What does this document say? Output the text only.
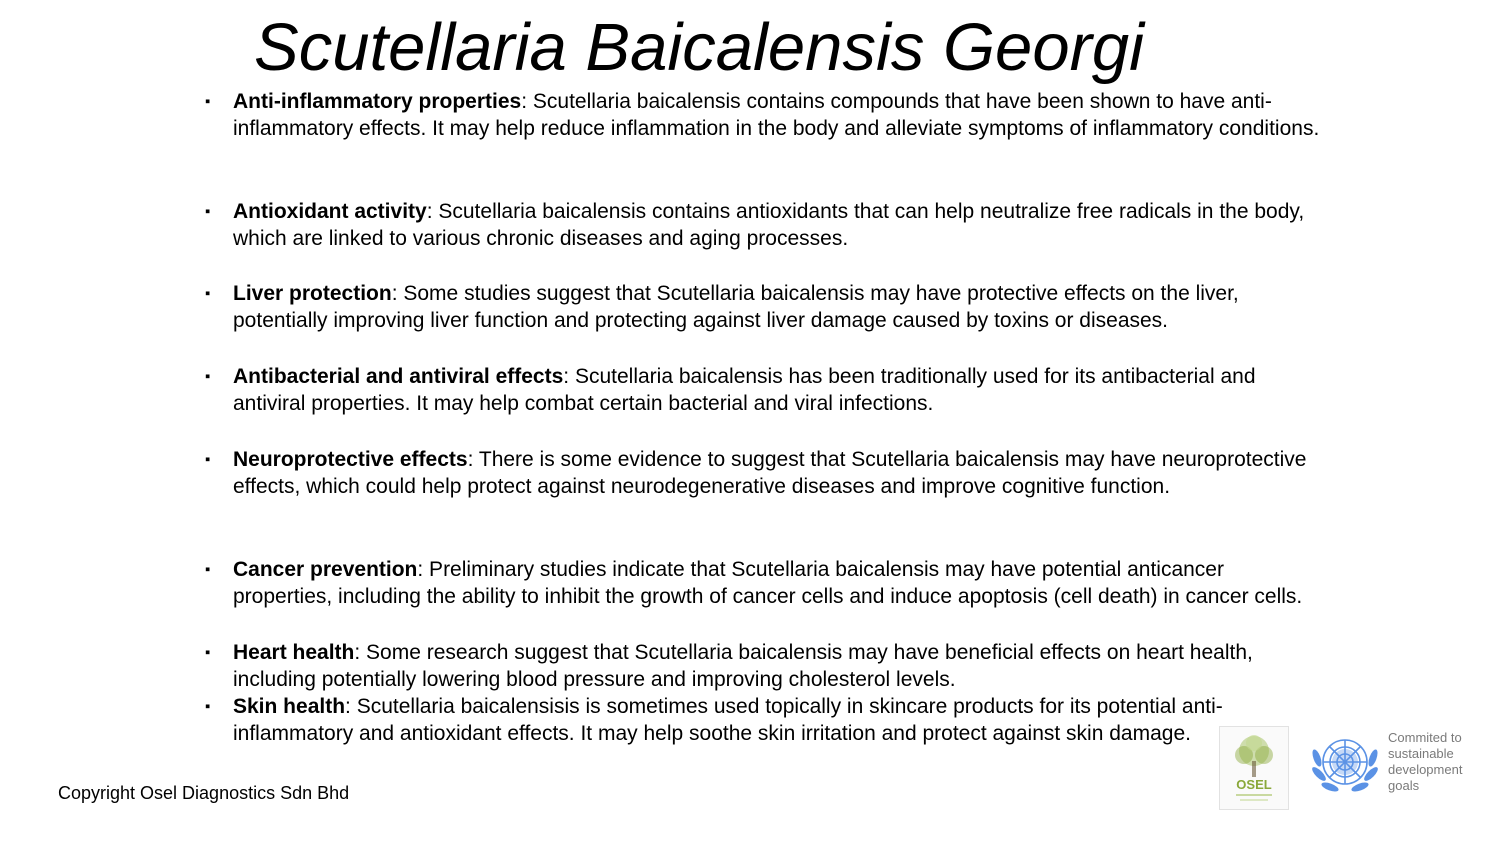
Scutellaria Baicalensis Georgi
▪ Anti-inflammatory properties: Scutellaria baicalensis contains compounds that have been shown to have anti-inflammatory effects. It may help reduce inflammation in the body and alleviate symptoms of inflammatory conditions.
▪ Antioxidant activity: Scutellaria baicalensis contains antioxidants that can help neutralize free radicals in the body, which are linked to various chronic diseases and aging processes.
▪ Liver protection: Some studies suggest that Scutellaria baicalensis may have protective effects on the liver, potentially improving liver function and protecting against liver damage caused by toxins or diseases.
▪ Antibacterial and antiviral effects: Scutellaria baicalensis has been traditionally used for its antibacterial and antiviral properties. It may help combat certain bacterial and viral infections.
▪ Neuroprotective effects: There is some evidence to suggest that Scutellaria baicalensis may have neuroprotective effects, which could help protect against neurodegenerative diseases and improve cognitive function.
▪ Cancer prevention: Preliminary studies indicate that Scutellaria baicalensis may have potential anticancer properties, including the ability to inhibit the growth of cancer cells and induce apoptosis (cell death) in cancer cells.
▪ Heart health: Some research suggest that Scutellaria baicalensis may have beneficial effects on heart health, including potentially lowering blood pressure and improving cholesterol levels.
▪ Skin health: Scutellaria baicalensisis is sometimes used topically in skincare products for its potential anti-inflammatory and antioxidant effects. It may help soothe skin irritation and protect against skin damage.
Copyright Osel Diagnostics Sdn Bhd	OSEL
Commited to
sustainable
development
goals
